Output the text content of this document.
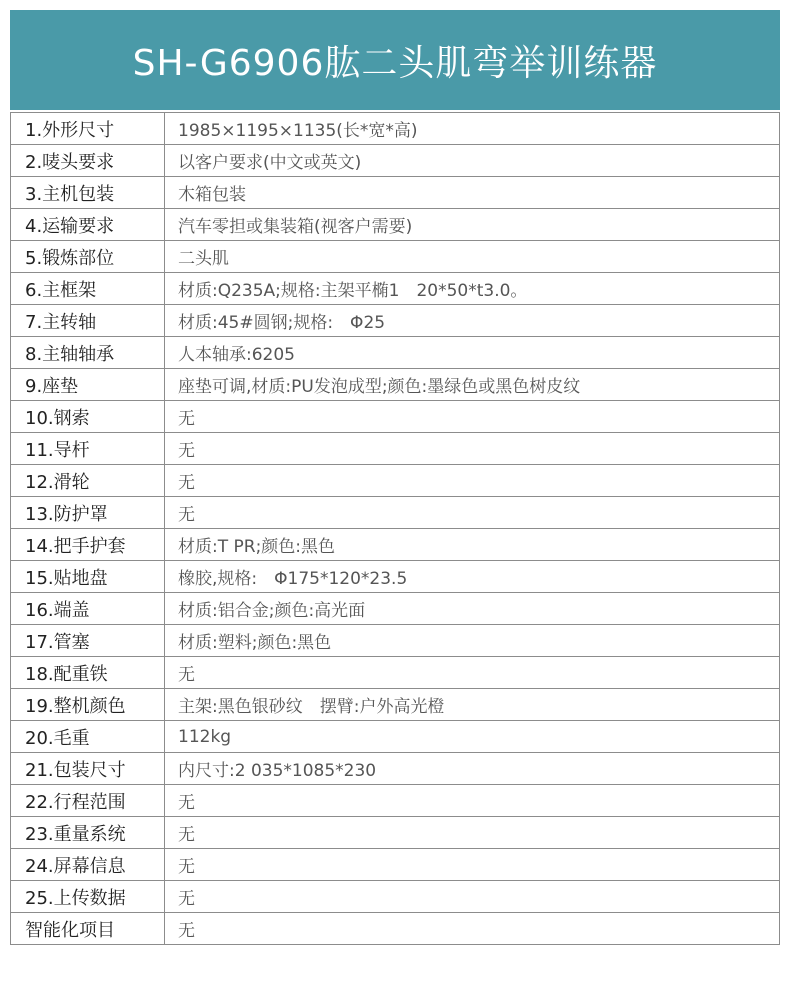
SH-G6906肱二头肌弯举训练器
1.外形尺寸	1985×1195×1135(长*宽*高)
2.唛头要求	以客户要求(中文或英文)
3.主机包装	木箱包装
4.运输要求	汽车零担或集装箱(视客户需要)
5.锻炼部位	二头肌
6.主框架	材质:Q235A;规格:主架平椭1　20*50*t3.0。
7.主转轴	材质:45#圆钢;规格:　Φ25
8.主轴轴承	人本轴承:6205
9.座垫	座垫可调,材质:PU发泡成型;颜色:墨绿色或黑色树皮纹
10.钢索	无
11.导杆	无
12.滑轮	无
13.防护罩	无
14.把手护套	材质:T PR;颜色:黑色
15.贴地盘	橡胶,规格:　Φ175*120*23.5
16.端盖	材质:铝合金;颜色:高光面
17.管塞	材质:塑料;颜色:黑色
18.配重铁	无
19.整机颜色	主架:黑色银砂纹　摆臂:户外高光橙
20.毛重	112kg
21.包装尺寸	内尺寸:2 035*1085*230
22.行程范围	无
23.重量系统	无
24.屏幕信息	无
25.上传数据	无
智能化项目	无
